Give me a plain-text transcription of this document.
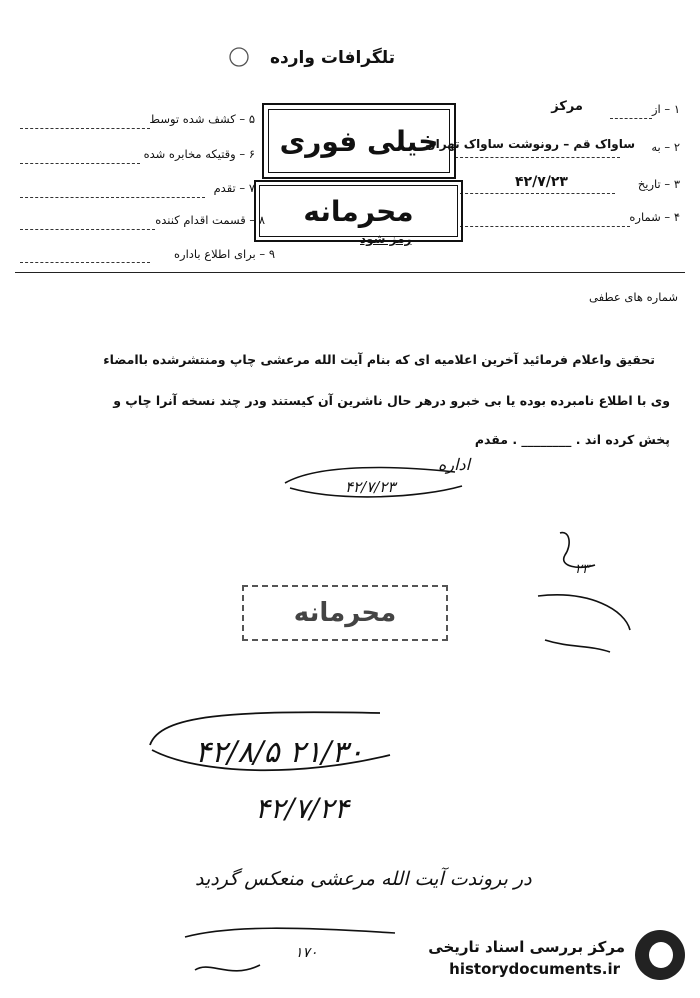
تلگرافات وارده
۱ – از
مرکز
۲ – به
ساواک قم – رونوشت ساواک تهران
۳ – تاریخ
۴۲/۷/۲۳
۴ – شماره
۵ – کشف شده توسط
۶ – وقتیکه مخابره شده
۷ – تقدم
۸ – قسمت اقدام کننده
۹ – برای اطلاع باداره
خیلی فوری
محرمانه
رمز شود
شماره های عطفی
تحقیق واعلام فرمائید آخرین اعلامیه ای که بنام آیت الله مرعشی چاپ ومنتشرشده باامضاء
وی با اطلاع نامبرده بوده یا بی خبرو درهر حال ناشرین آن کیستند ودر چند نسخه آنرا چاپ و
پخش کرده اند . ________ . مقدم
اداره
۴۲/۷/۲۳
۲۳
محرمانه
۴۲/۸/۵ ۲۱/۳۰
۴۲/۷/۲۴
در بروندت آیت الله مرعشی منعکس گردید
۱۷۰	مرکز بررسی اسناد تاریخی
historydocuments.ir
